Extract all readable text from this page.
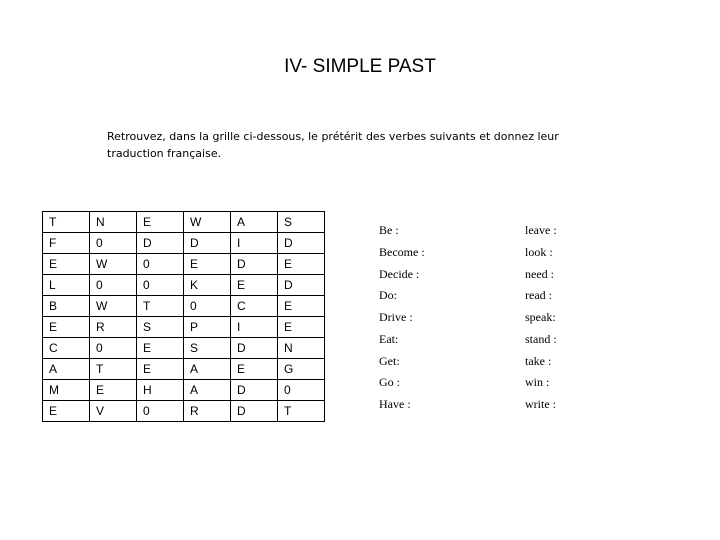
IV- SIMPLE PAST
Retrouvez, dans la grille ci-dessous, le prétérit des verbes suivants et donnez leur
traduction française.
T	N	E	W	A	S
F	0	D	D	I	D
E	W	0	E	D	E
L	0	0	K	E	D
B	W	T	0	C	E
E	R	S	P	I	E
C	0	E	S	D	N
A	T	E	A	E	G
M	E	H	A	D	0
E	V	0	R	D	T
Be :
Become :
Decide :
Do:
Drive :
Eat:
Get:
Go :
Have :
leave :
look :
need :
read :
speak:
stand :
take :
win :
write :
